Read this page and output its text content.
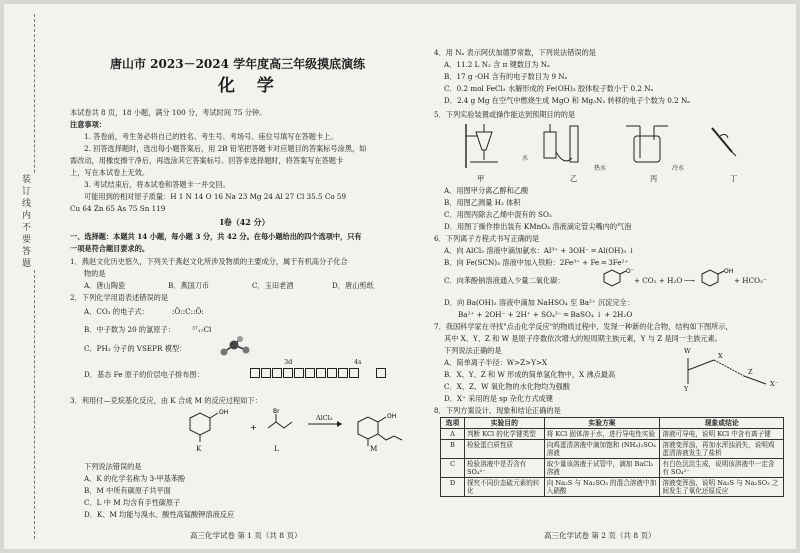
装
订
线
内
不
要
答
题
唐山市 2023－2024 学年度高三年级摸底演练
化 学
本试卷共 8 页，18 小题，满分 100 分，考试时间 75 分钟。
注意事项：
1. 答卷前，考生务必将自己的姓名、考生号、考场号、座位号填写在答题卡上。
2. 回答选择题时，选出每小题答案后，用 2B 铅笔把答题卡对应题目的答案标号涂黑，如
需改动，用橡皮擦干净后，再选涂其它答案标号。回答非选择题时，将答案写在答题卡
上，写在本试卷上无效。
3. 考试结束后，将本试卷和答题卡一并交回。
可能用到的相对原子质量：H 1 N 14 O 16 Na 23 Mg 24 Al 27 Cl 35.5 Co 59
Cu 64 Zn 65 As 75 Sn 119
Ⅰ卷（42 分）
一、选择题：本题共 14 小题，每小题 3 分，共 42 分。在每小题给出的四个选项中，只有
一项是符合题目要求的。
1．燕赵文化历史悠久，下列关于燕赵文化所涉及物质的主要成分，属于有机高分子化合
物的是
A．唐山陶瓷	B．燕国刀币	C．玉田老酒	D．唐山剪纸
2．下列化学用语表述错误的是
A．CO₂ 的电子式：	:Ö::C::Ö:
B．中子数为 20 的氯原子： ³⁷₁₇Cl
C．PH₃ 分子的 VSEPR 模型：
D．基态 Fe 原子的价层电子排布图：
3d	4s

3．利用付—克烷基化反应，由 K 合成 M 的反应过程如下：
OH
+
Br
OH
K	L
AlCl₃
M
下列说法错误的是
A．K 的化学名称为 3-甲基苯酚
B．M 中所有碳原子共平面
C．L 中 M 均含有手性碳原子
D．K、M 均能与溴水、酸性高锰酸钾溶液反应
高三化学试卷 第 1 页（共 8 页）
4．用 Nₐ 表示阿伏加德罗常数，下列说法错误的是
A．11.2 L N₂ 含 π 键数目为 Nₐ
B．17 g -OH 含有的电子数目为 9 Nₐ
C．0.2 mol FeCl₃ 水解形成的 Fe(OH)₃ 胶体粒子数小于 0.2 Nₐ
D．2.4 g Mg 在空气中燃烧生成 MgO 和 Mg₃N₂ 转移的电子个数为 0.2 Nₐ
5．下列实验装置或操作能达到预期目的的是
甲	乙	丙	丁
水
热水	冷水
A．用图甲分离乙醇和乙酸
B．用图乙测量 H₂ 体积
C．用图丙除去乙烯中混有的 SO₂
D．用图丁操作排出装有 KMnO₄ 溶液滴定管尖嘴内的气泡
6．下列离子方程式书写正确的是
A．向 AlCl₃ 溶液中滴加氨水：Al³⁺ + 3OH⁻ ═ Al(OH)₃ ↓
B．向 Fe(SCN)₃ 溶液中加入铁粉：2Fe³⁺ + Fe ═ 3Fe²⁺
C．向苯酚钠溶液通入少量二氧化碳：
O⁻	OH
+ CO₂ + H₂O ─→	+ HCO₃⁻
D．向 Ba(OH)₂ 溶液中滴加 NaHSO₄ 至 Ba²⁺ 沉淀完全：
Ba²⁺ + 2OH⁻ + 2H⁺ + SO₄²⁻ ═ BaSO₄ ↓ + 2H₂O
7．我国科学家在寻找"点击化学反应"的物质过程中，发现一种新的化合物，结构如下图所示，
其中 X、Y、Z 和 W 是原子序数依次增大的短周期主族元素，Y 与 Z 是同一主族元素。
下列说法正确的是
A．简单离子半径：W>Z>Y>X
B．X、Y、Z 和 W 形成的简单氢化物中，X 沸点最高
C．X、Z、W 氧化物的水化物均为强酸
D．X⁺ 采用的是 sp 杂化方式成键
W
Y
X
Z
X⁻
8．下列方案设计、现象和结论正确的是
选项	实验目的	实验方案	现象或结论
A	判断 KCl 的化学键类型	将 KCl 固体溶于水，进行导电性实验	溶液可导电，说明 KCl 中含有离子键
B	检验蛋白质性质	向鸡蛋清溶液中滴加饱和 (NH₄)₂SO₄ 溶液	溶液变浑浊，再加水浑浊消失，说明鸡蛋清溶液发生了盐析
C	检验溶液中是否含有 SO₄²⁻	取少量该溶液于试管中，滴加 BaCl₂ 溶液	有白色沉淀生成，说明该溶液中一定含有 SO₄²⁻
D	探究不同价态硫元素的转化	向 Na₂S 与 Na₂SO₃ 的混合溶液中加入硝酸	溶液变浑浊，说明 Na₂S 与 Na₂SO₃ 之间发生了氧化还原反应
高三化学试卷 第 2 页（共 8 页）
